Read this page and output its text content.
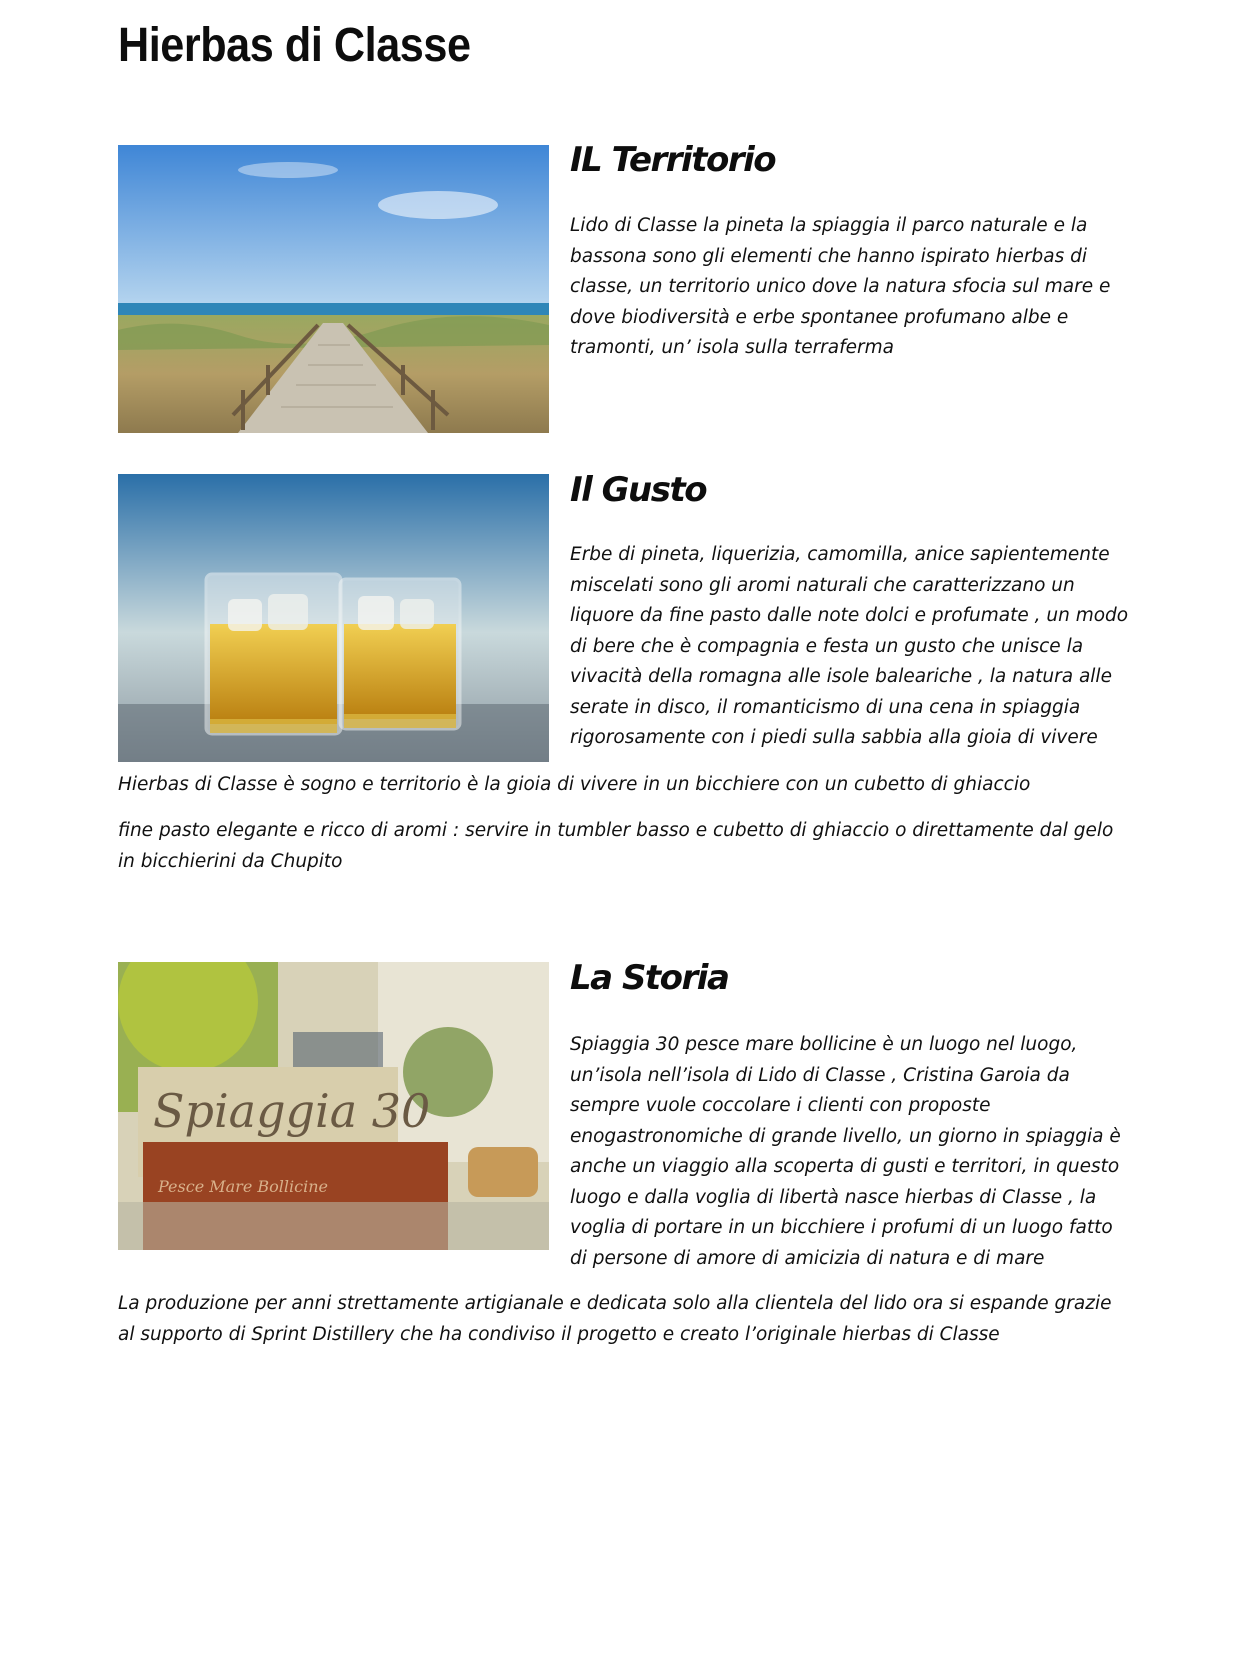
Hierbas di Classe
IL Territorio

Lido di Classe la pineta la spiaggia il parco naturale e la bassona sono gli elementi che hanno ispirato hierbas di classe, un territorio unico dove la natura sfocia sul mare e dove biodiversità e erbe spontanee profumano albe e tramonti, un’ isola sulla terraferma

Il Gusto

Erbe di pineta, liquerizia, camomilla, anice sapientemente miscelati sono gli aromi naturali che caratterizzano un liquore da fine pasto dalle note dolci e profumate , un modo di bere che è compagnia e festa un gusto che unisce la vivacità della romagna alle isole baleariche , la natura alle serate in disco, il romanticismo di una cena in spiaggia rigorosamente con i piedi sulla sabbia alla gioia di vivere

Hierbas di Classe è sogno e territorio è la gioia di vivere in un bicchiere con un cubetto di ghiaccio

fine pasto elegante e ricco di aromi : servire in tumbler basso e cubetto di ghiaccio o direttamente dal gelo in bicchierini da Chupito

Spiaggia 30
Pesce Mare Bollicine
La Storia

Spiaggia 30 pesce mare bollicine è un luogo nel luogo, un’isola nell’isola di Lido di Classe , Cristina Garoia da sempre vuole coccolare i clienti con proposte enogastronomiche di grande livello, un giorno in spiaggia è anche un viaggio alla scoperta di gusti e territori, in questo luogo e dalla voglia di libertà nasce hierbas di Classe , la voglia di portare in un bicchiere i profumi di un luogo fatto di persone di amore di amicizia di natura e di mare

La produzione per anni strettamente artigianale e dedicata solo alla clientela del lido ora si espande grazie al supporto di Sprint Distillery che ha condiviso il progetto e creato l’originale hierbas di Classe
